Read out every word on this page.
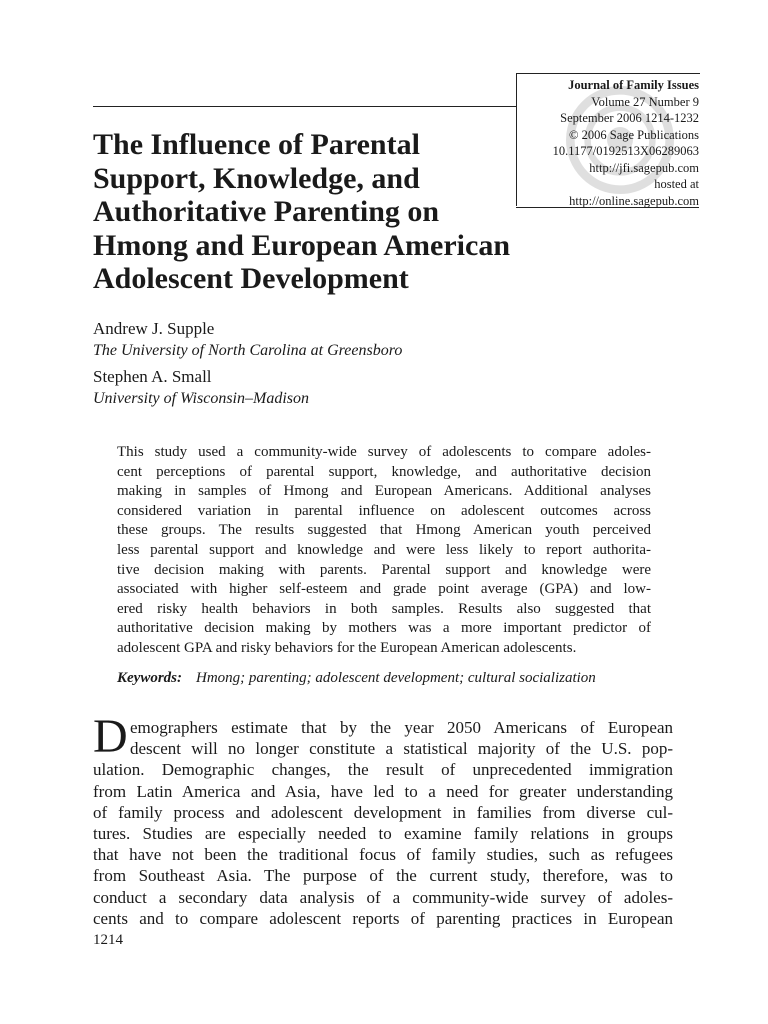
Journal of Family Issues
Volume 27 Number 9
September 2006 1214-1232
© 2006 Sage Publications
10.1177/0192513X06289063
http://jfi.sagepub.com
hosted at
http://online.sagepub.com
The Influence of Parental
Support, Knowledge, and
Authoritative Parenting on
Hmong and European American
Adolescent Development
Andrew J. Supple
The University of North Carolina at Greensboro
Stephen A. Small
University of Wisconsin–Madison
This study used a community-wide survey of adolescents to compare adoles-
cent perceptions of parental support, knowledge, and authoritative decision
making in samples of Hmong and European Americans. Additional analyses
considered variation in parental influence on adolescent outcomes across
these groups. The results suggested that Hmong American youth perceived
less parental support and knowledge and were less likely to report authorita-
tive decision making with parents. Parental support and knowledge were
associated with higher self-esteem and grade point average (GPA) and low-
ered risky health behaviors in both samples. Results also suggested that
authoritative decision making by mothers was a more important predictor of
adolescent GPA and risky behaviors for the European American adolescents.
Keywords: Hmong; parenting; adolescent development; cultural socialization
D emographers estimate that by the year 2050 Americans of European
descent will no longer constitute a statistical majority of the U.S. pop-
ulation. Demographic changes, the result of unprecedented immigration
from Latin America and Asia, have led to a need for greater understanding
of family process and adolescent development in families from diverse cul-
tures. Studies are especially needed to examine family relations in groups
that have not been the traditional focus of family studies, such as refugees
from Southeast Asia. The purpose of the current study, therefore, was to
conduct a secondary data analysis of a community-wide survey of adoles-
cents and to compare adolescent reports of parenting practices in European
1214
